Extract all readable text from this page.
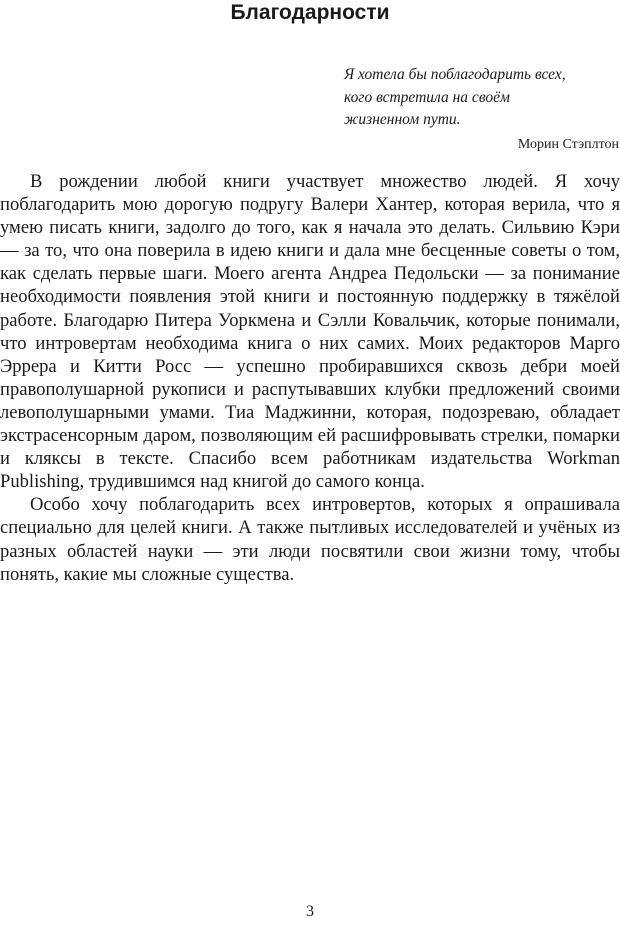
Благодарности
Я хотела бы поблагодарить всех,
кого встретила на своём
жизненном пути.
Морин Стэплтон

В рождении любой книги участвует множество людей. Я хочу поблагодарить мою дорогую подругу Валери Хантер, которая верила, что я умею писать книги, задолго до того, как я начала это делать. Сильвию Кэри — за то, что она поверила в идею книги и дала мне бесценные советы о том, как сделать первые шаги. Моего агента Андреа Педольски — за понимание необходимости появления этой книги и постоянную поддержку в тяжёлой работе. Благодарю Питера Уоркмена и Сэлли Ковальчик, которые понимали, что интровертам необходима книга о них самих. Моих редакторов Марго Эррера и Китти Росс — успешно пробиравшихся сквозь дебри моей правополушарной рукописи и распутывавших клубки предложений своими левополушарными умами. Тиа Маджинни, которая, подозреваю, обладает экстрасенсорным даром, позволяющим ей расшифровывать стрелки, помарки и кляксы в тексте. Спасибо всем работникам издательства Workman Publishing, трудившимся над книгой до самого конца.

Особо хочу поблагодарить всех интровертов, которых я опрашивала специально для целей книги. А также пытливых исследователей и учёных из разных областей науки — эти люди посвятили свои жизни тому, чтобы понять, какие мы сложные существа.

3
